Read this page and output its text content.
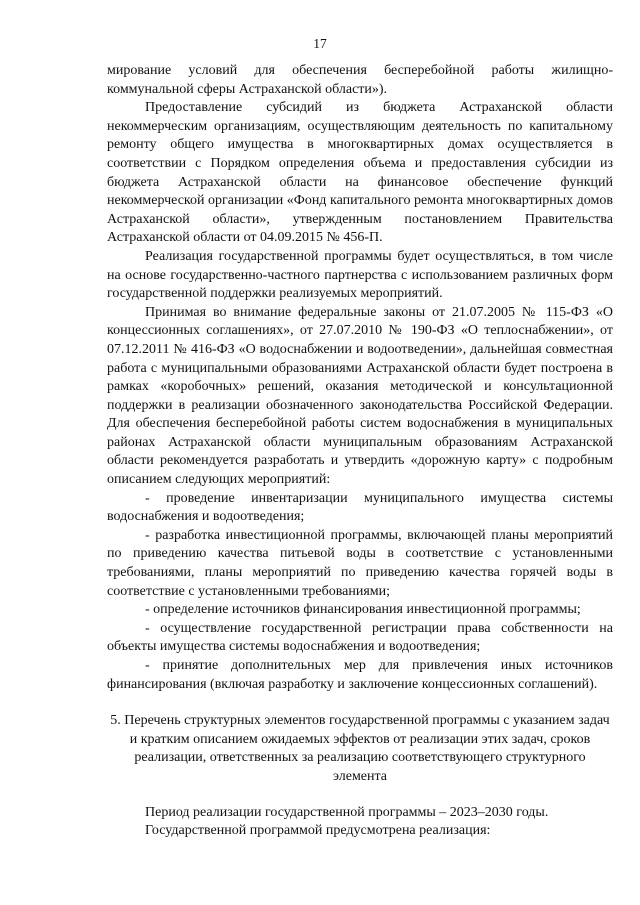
17

мирование условий для обеспечения бесперебойной работы жилищно-коммунальной сферы Астраханской области»).

Предоставление субсидий из бюджета Астраханской области некоммерческим организациям, осуществляющим деятельность по капитальному ремонту общего имущества в многоквартирных домах осуществляется в соответствии с Порядком определения объема и предоставления субсидии из бюджета Астраханской области на финансовое обеспечение функций некоммерческой организации «Фонд капитального ремонта многоквартирных домов Астраханской области», утвержденным постановлением Правительства Астраханской области от 04.09.2015 № 456-П.

Реализация государственной программы будет осуществляться, в том числе на основе государственно-частного партнерства с использованием различных форм государственной поддержки реализуемых мероприятий.

Принимая во внимание федеральные законы от 21.07.2005 № 115-ФЗ «О концессионных соглашениях», от 27.07.2010 № 190-ФЗ «О теплоснабжении», от 07.12.2011 № 416-ФЗ «О водоснабжении и водоотведении», дальнейшая совместная работа с муниципальными образованиями Астраханской области будет построена в рамках «коробочных» решений, оказания методической и консультационной поддержки в реализации обозначенного законодательства Российской Федерации. Для обеспечения бесперебойной работы систем водоснабжения в муниципальных районах Астраханской области муниципальным образованиям Астраханской области рекомендуется разработать и утвердить «дорожную карту» с подробным описанием следующих мероприятий:

- проведение инвентаризации муниципального имущества системы водоснабжения и водоотведения;

- разработка инвестиционной программы, включающей планы мероприятий по приведению качества питьевой воды в соответствие с установленными требованиями, планы мероприятий по приведению качества горячей воды в соответствие с установленными требованиями;

- определение источников финансирования инвестиционной программы;

- осуществление государственной регистрации права собственности на объекты имущества системы водоснабжения и водоотведения;

- принятие дополнительных мер для привлечения иных источников финансирования (включая разработку и заключение концессионных соглашений).

5. Перечень структурных элементов государственной программы с указанием задач и кратким описанием ожидаемых эффектов от реализации этих задач, сроков реализации, ответственных за реализацию соответствующего структурного элемента

Период реализации государственной программы – 2023–2030 годы.

Государственной программой предусмотрена реализация:
